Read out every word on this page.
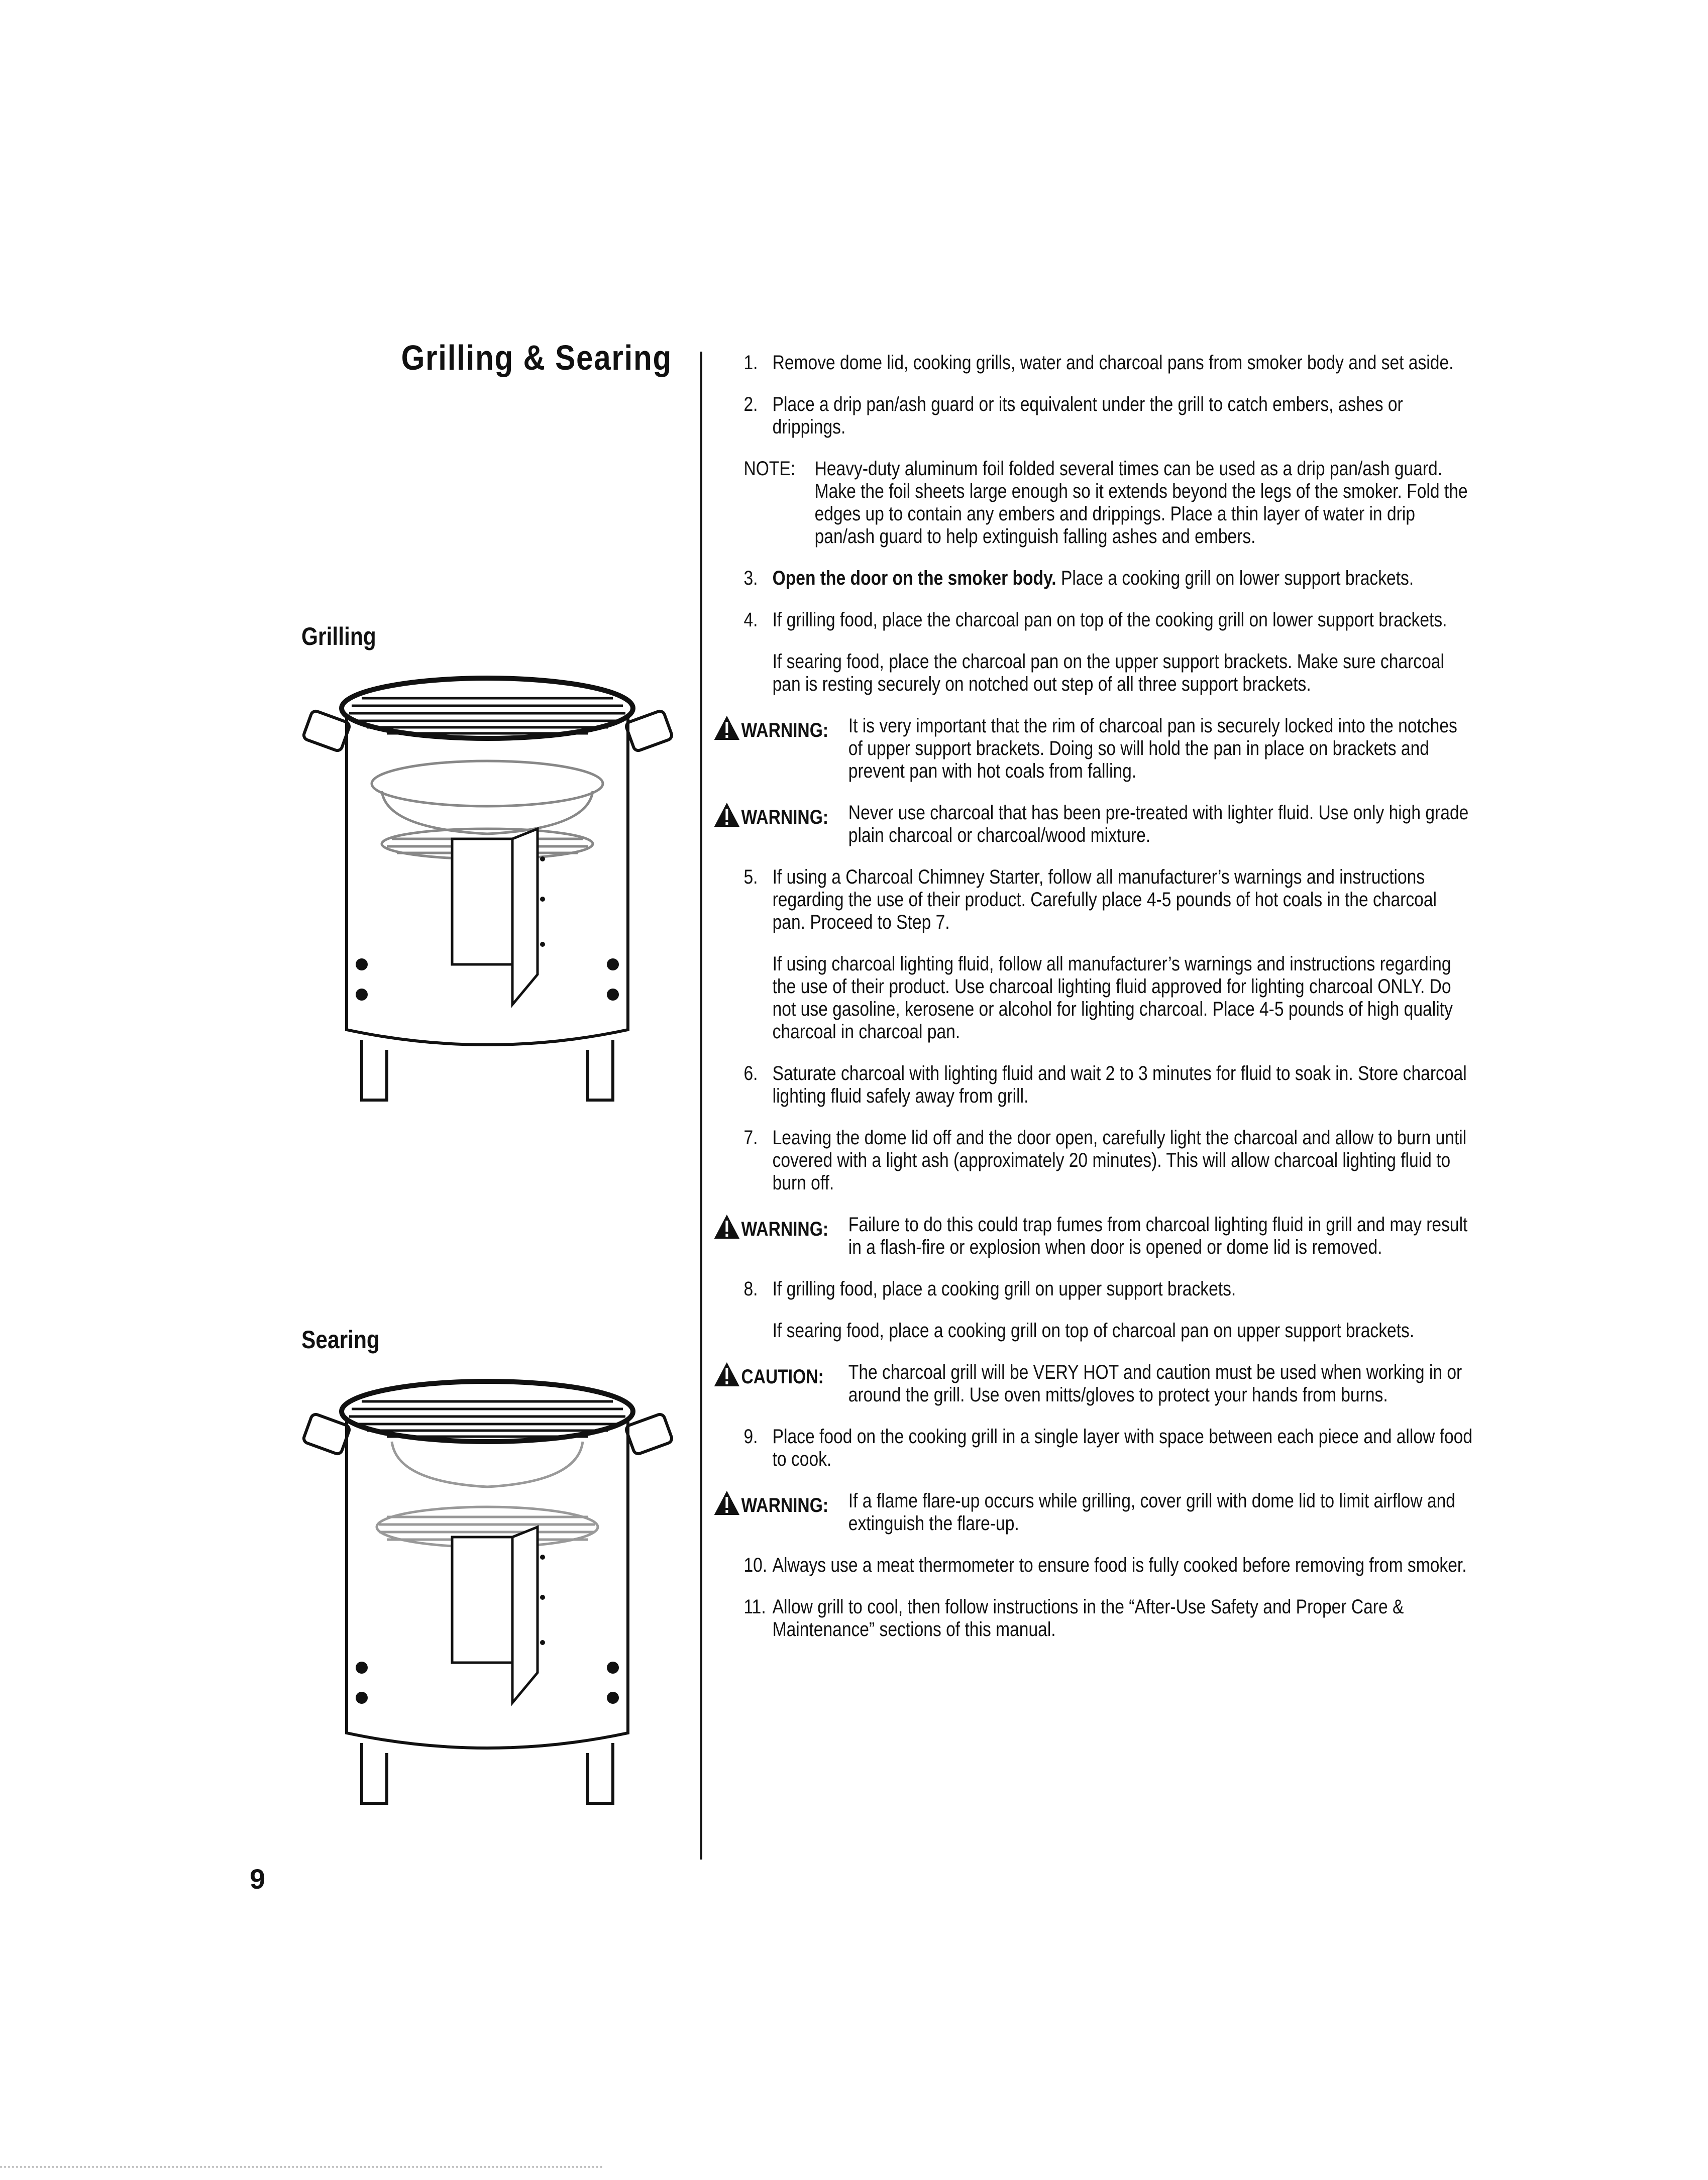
Grilling & Searing
Grilling
Searing
1. Remove dome lid, cooking grills, water and charcoal pans from smoker body and set aside.
2. Place a drip pan/ash guard or its equivalent under the grill to catch embers, ashes or drippings.
NOTE: Heavy-duty aluminum foil folded several times can be used as a drip pan/ash guard. Make the foil sheets large enough so it extends beyond the legs of the smoker. Fold the edges up to contain any embers and drippings. Place a thin layer of water in drip pan/ash guard to help extinguish falling ashes and embers.
3. Open the door on the smoker body. Place a cooking grill on lower support brackets.
4. If grilling food, place the charcoal pan on top of the cooking grill on lower support brackets.
If searing food, place the charcoal pan on the upper support brackets. Make sure charcoal pan is resting securely on notched out step of all three support brackets.
WARNING: It is very important that the rim of charcoal pan is securely locked into the notches of upper support brackets. Doing so will hold the pan in place on brackets and prevent pan with hot coals from falling.
WARNING: Never use charcoal that has been pre-treated with lighter fluid. Use only high grade plain charcoal or charcoal/wood mixture.
5. If using a Charcoal Chimney Starter, follow all manufacturer’s warnings and instructions regarding the use of their product. Carefully place 4-5 pounds of hot coals in the charcoal pan. Proceed to Step 7.
If using charcoal lighting fluid, follow all manufacturer’s warnings and instructions regarding the use of their product. Use charcoal lighting fluid approved for lighting charcoal ONLY. Do not use gasoline, kerosene or alcohol for lighting charcoal. Place 4-5 pounds of high quality charcoal in charcoal pan.
6. Saturate charcoal with lighting fluid and wait 2 to 3 minutes for fluid to soak in. Store charcoal lighting fluid safely away from grill.
7. Leaving the dome lid off and the door open, carefully light the charcoal and allow to burn until covered with a light ash (approximately 20 minutes). This will allow charcoal lighting fluid to burn off.
WARNING: Failure to do this could trap fumes from charcoal lighting fluid in grill and may result in a flash-fire or explosion when door is opened or dome lid is removed.
8. If grilling food, place a cooking grill on upper support brackets.
If searing food, place a cooking grill on top of charcoal pan on upper support brackets.
CAUTION: The charcoal grill will be VERY HOT and caution must be used when working in or around the grill. Use oven mitts/gloves to protect your hands from burns.
9. Place food on the cooking grill in a single layer with space between each piece and allow food to cook.
WARNING: If a flame flare-up occurs while grilling, cover grill with dome lid to limit airflow and extinguish the flare-up.
10. Always use a meat thermometer to ensure food is fully cooked before removing from smoker.
11. Allow grill to cool, then follow instructions in the “After-Use Safety and Proper Care & Maintenance” sections of this manual.
9
